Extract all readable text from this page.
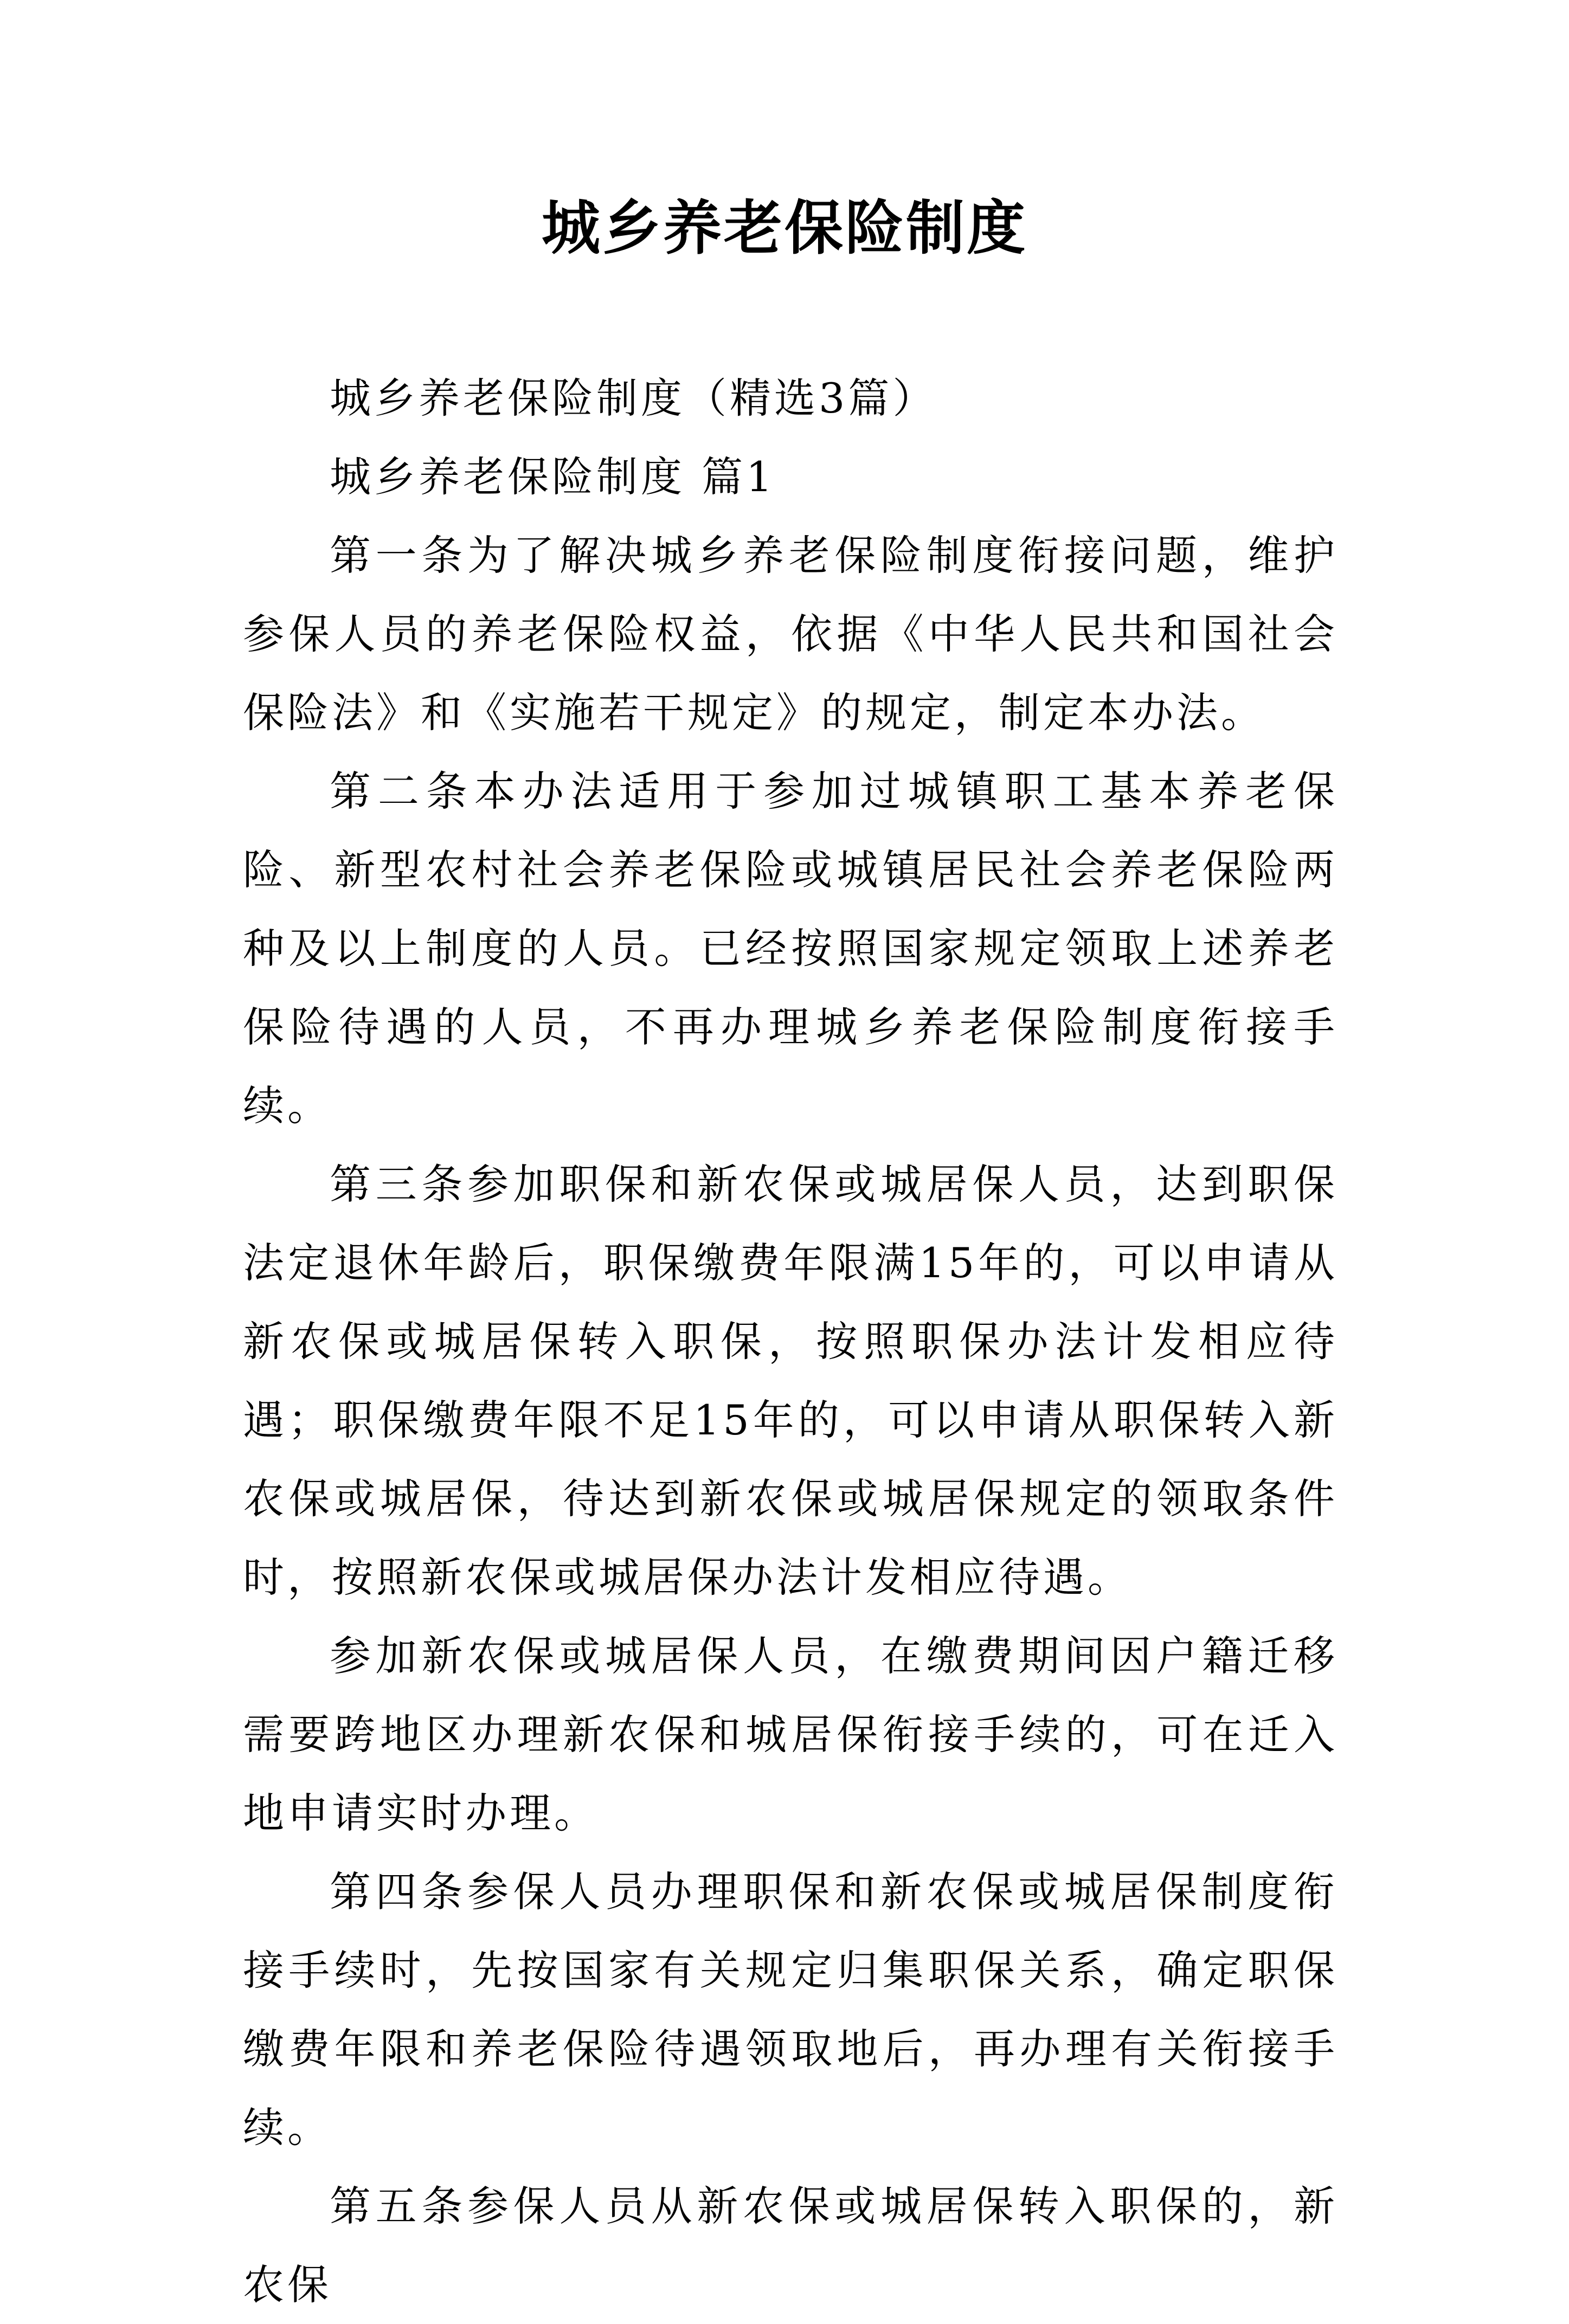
城乡养老保险制度

城乡养老保险制度（精选3篇）

城乡养老保险制度 篇1

第一条为了解决城乡养老保险制度衔接问题，维护参保人员的养老保险权益，依据《中华人民共和国社会保险法》和《实施若干规定》的规定，制定本办法。

第二条本办法适用于参加过城镇职工基本养老保险、新型农村社会养老保险或城镇居民社会养老保险两种及以上制度的人员。已经按照国家规定领取上述养老保险待遇的人员，不再办理城乡养老保险制度衔接手续。

第三条参加职保和新农保或城居保人员，达到职保法定退休年龄后，职保缴费年限满15年的，可以申请从新农保或城居保转入职保，按照职保办法计发相应待遇；职保缴费年限不足15年的，可以申请从职保转入新农保或城居保，待达到新农保或城居保规定的领取条件时，按照新农保或城居保办法计发相应待遇。

参加新农保或城居保人员，在缴费期间因户籍迁移需要跨地区办理新农保和城居保衔接手续的，可在迁入地申请实时办理。

第四条参保人员办理职保和新农保或城居保制度衔接手续时，先按国家有关规定归集职保关系，确定职保缴费年限和养老保险待遇领取地后，再办理有关衔接手续。

第五条参保人员从新农保或城居保转入职保的，新农保
